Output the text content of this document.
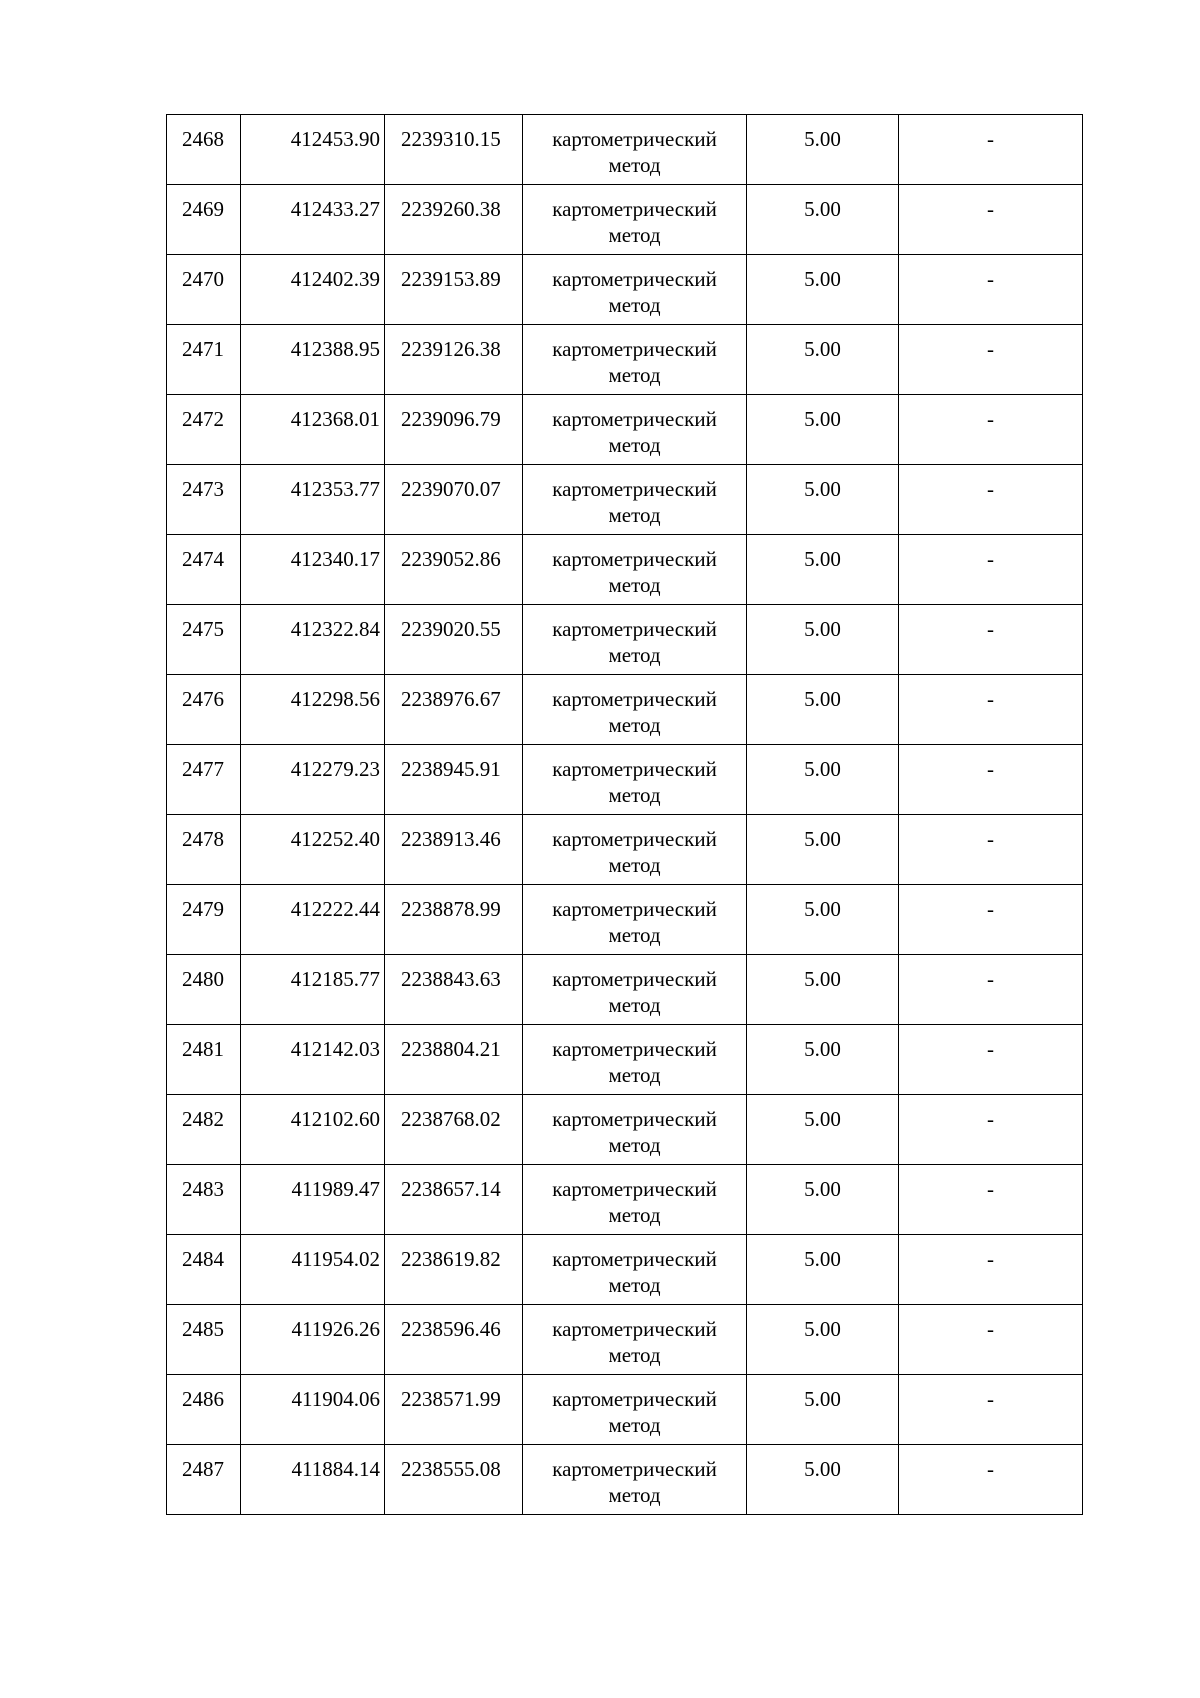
2468	412453.90	2239310.15	картометрический
метод	5.00	-
2469	412433.27	2239260.38	картометрический
метод	5.00	-
2470	412402.39	2239153.89	картометрический
метод	5.00	-
2471	412388.95	2239126.38	картометрический
метод	5.00	-
2472	412368.01	2239096.79	картометрический
метод	5.00	-
2473	412353.77	2239070.07	картометрический
метод	5.00	-
2474	412340.17	2239052.86	картометрический
метод	5.00	-
2475	412322.84	2239020.55	картометрический
метод	5.00	-
2476	412298.56	2238976.67	картометрический
метод	5.00	-
2477	412279.23	2238945.91	картометрический
метод	5.00	-
2478	412252.40	2238913.46	картометрический
метод	5.00	-
2479	412222.44	2238878.99	картометрический
метод	5.00	-
2480	412185.77	2238843.63	картометрический
метод	5.00	-
2481	412142.03	2238804.21	картометрический
метод	5.00	-
2482	412102.60	2238768.02	картометрический
метод	5.00	-
2483	411989.47	2238657.14	картометрический
метод	5.00	-
2484	411954.02	2238619.82	картометрический
метод	5.00	-
2485	411926.26	2238596.46	картометрический
метод	5.00	-
2486	411904.06	2238571.99	картометрический
метод	5.00	-
2487	411884.14	2238555.08	картометрический
метод	5.00	-
